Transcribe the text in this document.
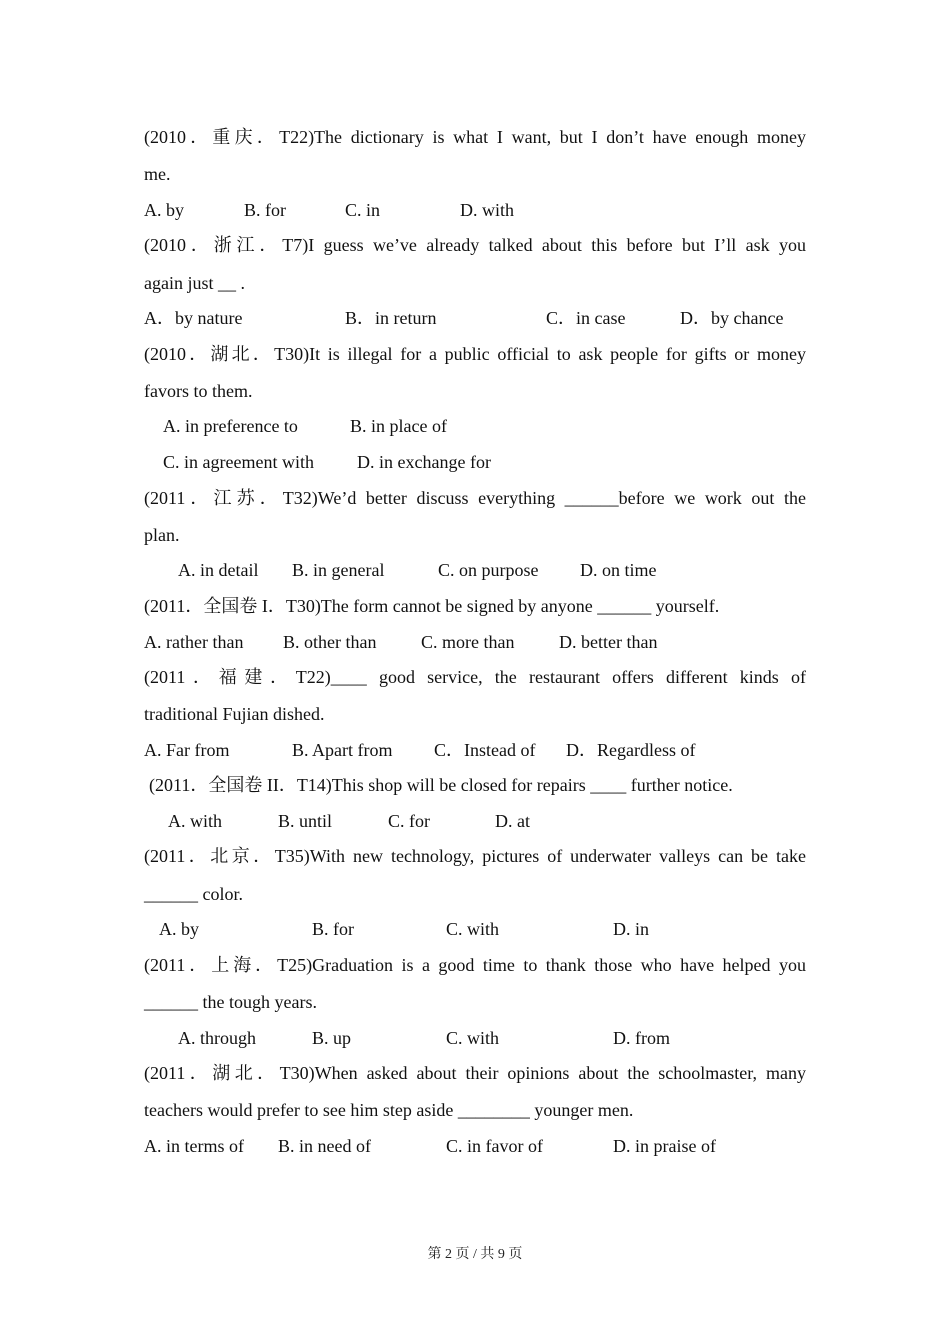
(2010．重庆．T22)The dictionary is what I want, but I don’t have enough money
me.
A. by	B. for	C. in	D. with
(2010．浙江．T7)I guess we’ve already talked about this before but I’ll ask you
again just __ .
A．by nature	B．in return	C．in case	D．by chance
(2010．湖北．T30)It is illegal for a public official to ask people for gifts or money
favors to them.
A. in preference to	B. in place of
C. in agreement with D. in exchange for
(2011．江苏．T32)We’d better discuss everything ______before we work out the
plan.
A. in detail B. in general	C. on purpose D. on time
(2011．全国卷 I．T30)The form cannot be signed by anyone ______ yourself.
A. rather than B. other than C. more than D. better than
(2011．福建．T22)____ good service, the restaurant offers different kinds of
traditional Fujian dished.
A. Far from	B. Apart from C．Instead of D．Regardless of
(2011．全国卷 II．T14)This shop will be closed for repairs ____ further notice.
A. with	B. until	C. for	D. at
(2011．北京．T35)With new technology, pictures of underwater valleys can be take
______ color.
A. by	B. for	C. with	D. in
(2011．上海．T25)Graduation is a good time to thank those who have helped you
______ the tough years.
A. through	B. up	C. with	D. from
(2011．湖北．T30)When asked about their opinions about the schoolmaster, many
teachers would prefer to see him step aside ________ younger men.
A. in terms of B. in need of	C. in favor of	D. in praise of
第 2 页 / 共 9 页
